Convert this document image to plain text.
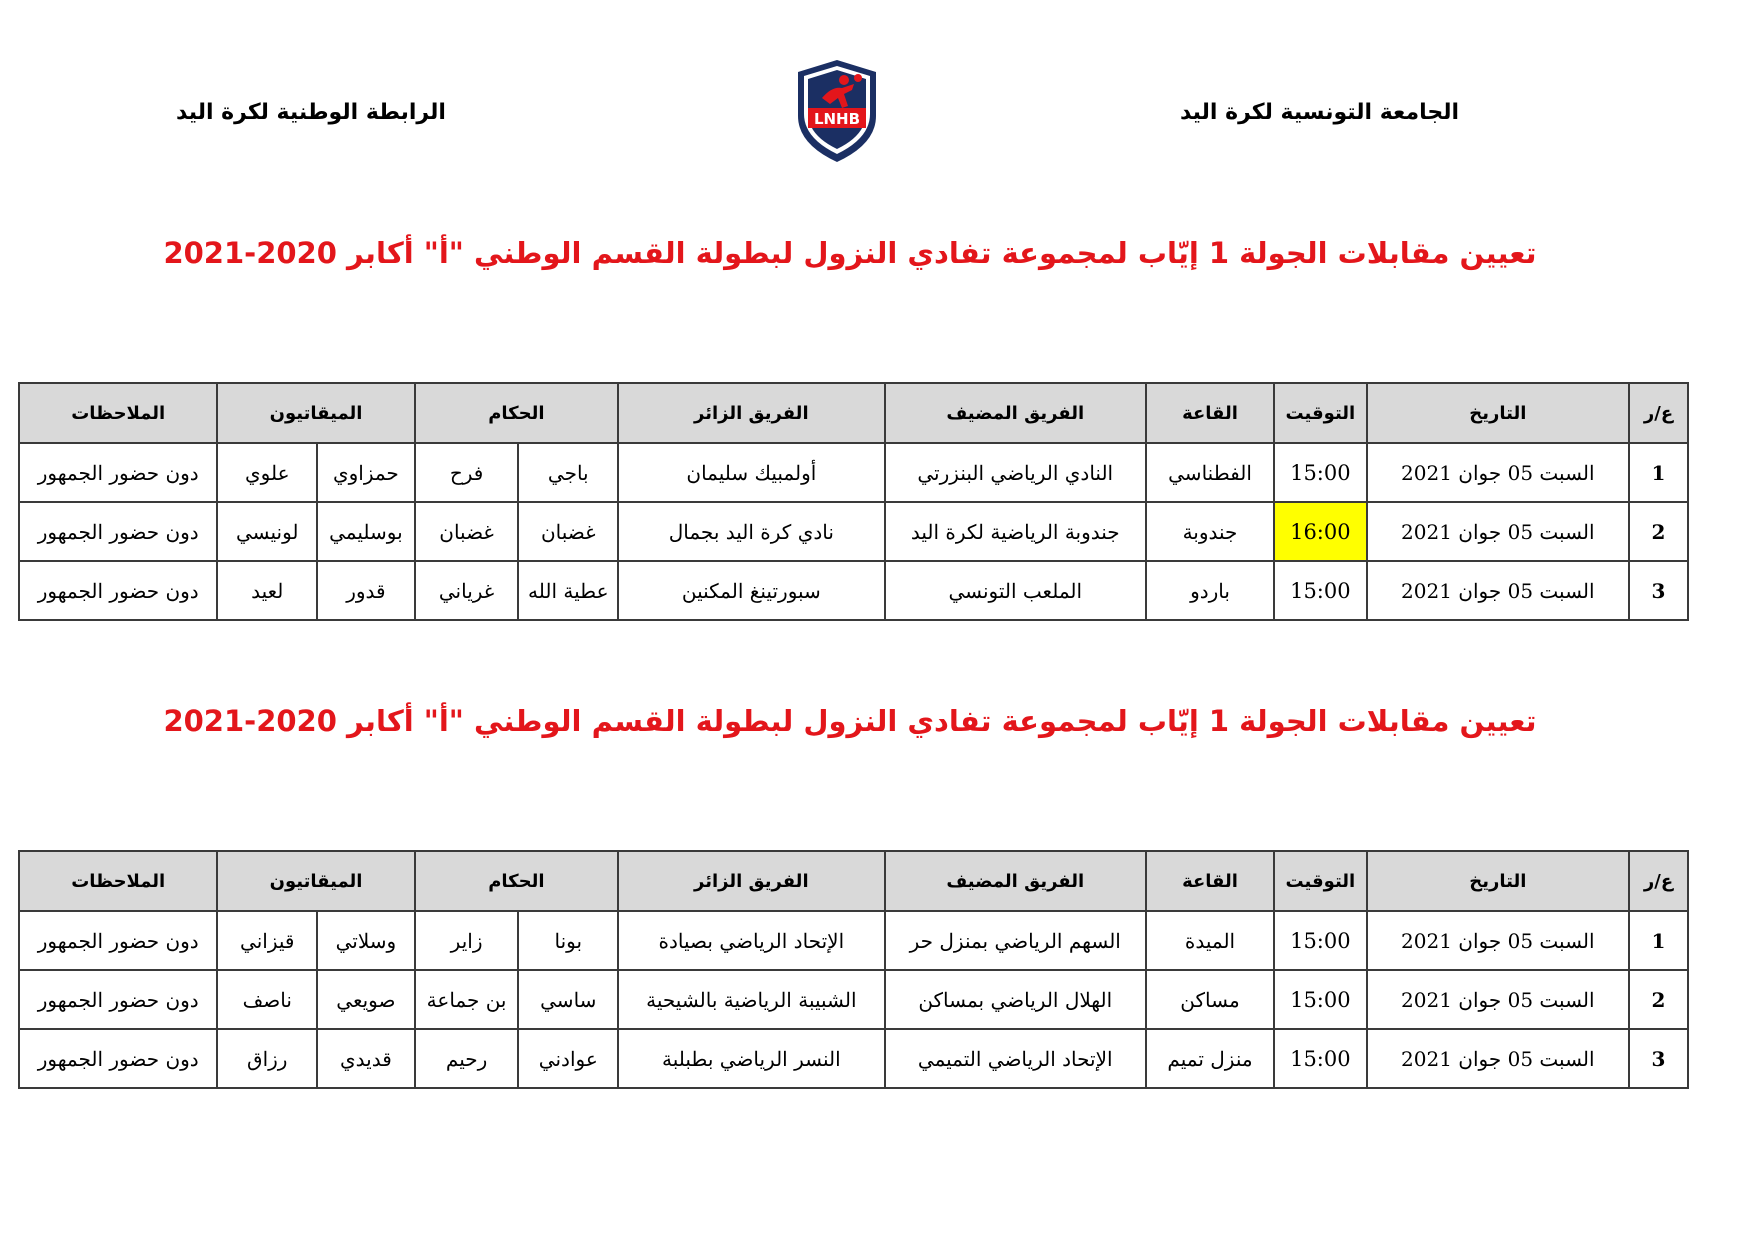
الجامعة التونسية لكرة اليد
الرابطة الوطنية لكرة اليد	LNHB
تعيين مقابلات الجولة 1 إيّاب لمجموعة تفادي النزول لبطولة القسم الوطني "أ" أكابر 2020-2021
ع/ر	التاريخ	التوقيت	القاعة	الفريق المضيف	الفريق الزائر	الحكام		الميقاتيون		الملاحظات
1	السبت 05 جوان 2021	15:00	الفطناسي	النادي الرياضي البنزرتي	أولمبيك سليمان	باجي	فرح	حمزاوي	علوي	دون حضور الجمهور
2	السبت 05 جوان 2021	16:00	جندوبة	جندوبة الرياضية لكرة اليد	نادي كرة اليد بجمال	غضبان	غضبان	بوسليمي	لونيسي	دون حضور الجمهور
3	السبت 05 جوان 2021	15:00	باردو	الملعب التونسي	سبورتينغ المكنين	عطية الله	غرياني	قدور	لعيد	دون حضور الجمهور
تعيين مقابلات الجولة 1 إيّاب لمجموعة تفادي النزول لبطولة القسم الوطني "أ" أكابر 2020-2021
ع/ر	التاريخ	التوقيت	القاعة	الفريق المضيف	الفريق الزائر	الحكام		الميقاتيون		الملاحظات
1	السبت 05 جوان 2021	15:00	الميدة	السهم الرياضي بمنزل حر	الإتحاد الرياضي بصيادة	بونا	زاير	وسلاتي	قيزاني	دون حضور الجمهور
2	السبت 05 جوان 2021	15:00	مساكن	الهلال الرياضي بمساكن	الشبيبة الرياضية بالشيحية	ساسي	بن جماعة	صويعي	ناصف	دون حضور الجمهور
3	السبت 05 جوان 2021	15:00	منزل تميم	الإتحاد الرياضي التميمي	النسر الرياضي بطبلبة	عوادني	رحيم	قديدي	رزاق	دون حضور الجمهور
